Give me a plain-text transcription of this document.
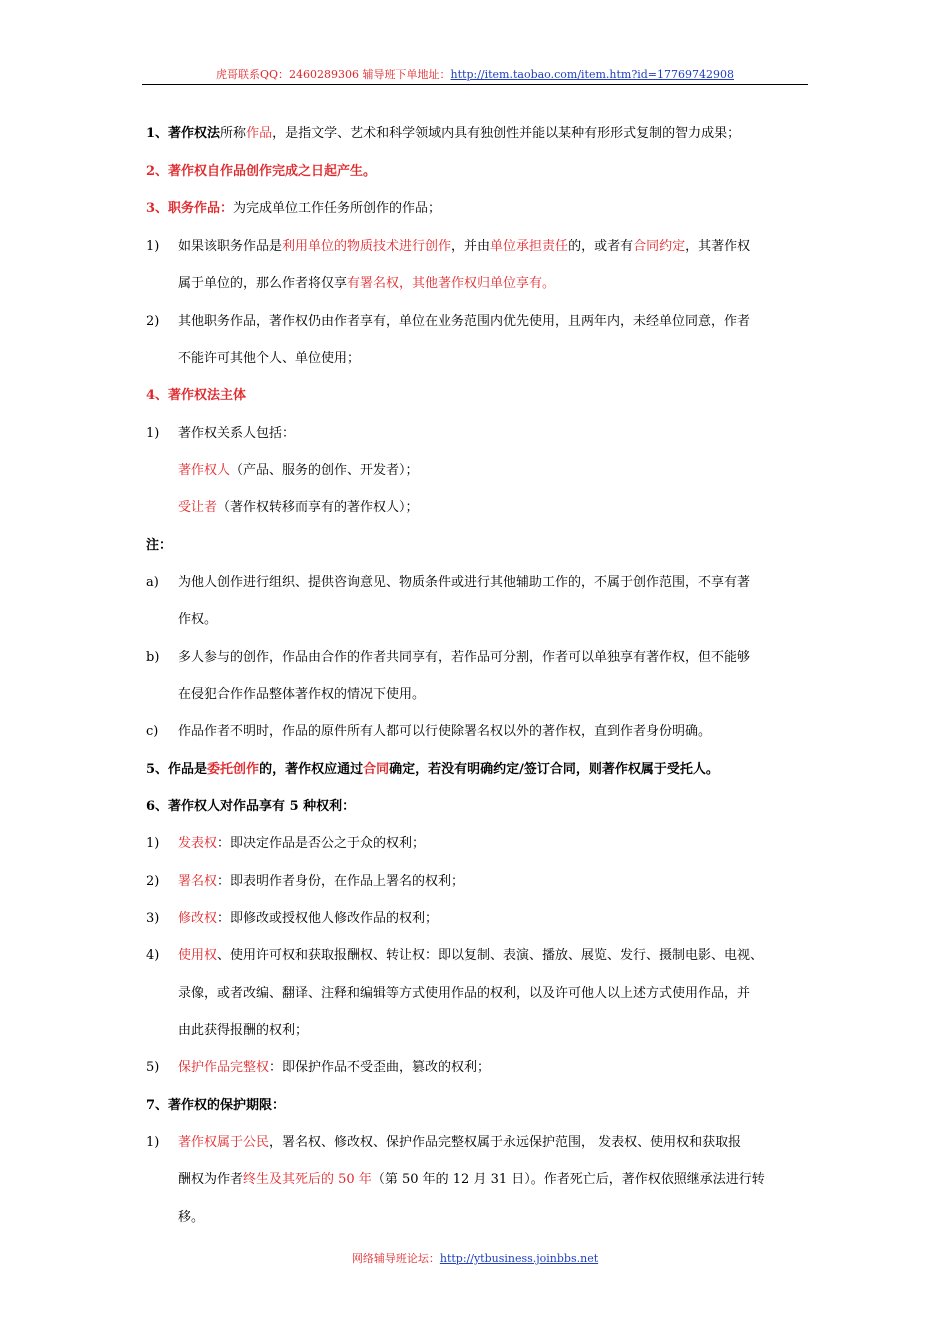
虎哥联系QQ：2460289306 辅导班下单地址：http://item.taobao.com/item.htm?id=17769742908
1、著作权法所称作品，是指文学、艺术和科学领域内具有独创性并能以某种有形形式复制的智力成果；
2、著作权自作品创作完成之日起产生。
3、职务作品：为完成单位工作任务所创作的作品；
1) 如果该职务作品是利用单位的物质技术进行创作，并由单位承担责任的，或者有合同约定，其著作权
属于单位的，那么作者将仅享有署名权，其他著作权归单位享有。
2) 其他职务作品，著作权仍由作者享有，单位在业务范围内优先使用，且两年内，未经单位同意，作者
不能许可其他个人、单位使用；
4、著作权法主体
1) 著作权关系人包括：
著作权人（产品、服务的创作、开发者）；
受让者（著作权转移而享有的著作权人）；
注：
a) 为他人创作进行组织、提供咨询意见、物质条件或进行其他辅助工作的，不属于创作范围，不享有著
作权。
b) 多人参与的创作，作品由合作的作者共同享有，若作品可分割，作者可以单独享有著作权，但不能够
在侵犯合作作品整体著作权的情况下使用。
c) 作品作者不明时，作品的原件所有人都可以行使除署名权以外的著作权，直到作者身份明确。
5、作品是委托创作的，著作权应通过合同确定，若没有明确约定/签订合同，则著作权属于受托人。
6、著作权人对作品享有 5 种权利：
1) 发表权：即决定作品是否公之于众的权利；
2) 署名权：即表明作者身份，在作品上署名的权利；
3) 修改权：即修改或授权他人修改作品的权利；
4) 使用权、使用许可权和获取报酬权、转让权：即以复制、表演、播放、展览、发行、摄制电影、电视、
录像，或者改编、翻译、注释和编辑等方式使用作品的权利，以及许可他人以上述方式使用作品，并
由此获得报酬的权利；
5) 保护作品完整权：即保护作品不受歪曲，篡改的权利；
7、著作权的保护期限：
1) 著作权属于公民，署名权、修改权、保护作品完整权属于永远保护范围， 发表权、使用权和获取报
酬权为作者终生及其死后的 50 年（第 50 年的 12 月 31 日）。作者死亡后，著作权依照继承法进行转
移。
网络辅导班论坛：http://ytbusiness.joinbbs.net
